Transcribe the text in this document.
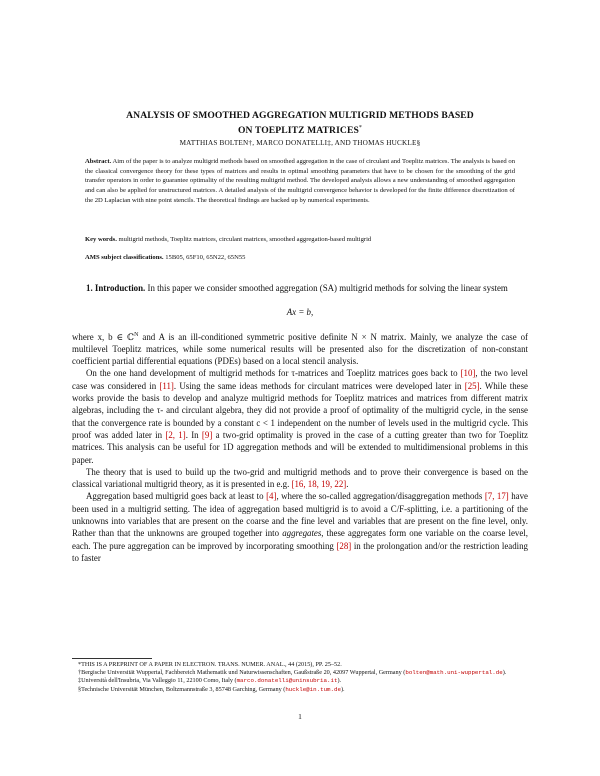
ANALYSIS OF SMOOTHED AGGREGATION MULTIGRID METHODS BASED
ON TOEPLITZ MATRICES*
MATTHIAS BOLTEN†, MARCO DONATELLI‡, AND THOMAS HUCKLE§
Abstract. Aim of the paper is to analyze multigrid methods based on smoothed aggregation in the case of circulant and Toeplitz matrices. The analysis is based on the classical convergence theory for these types of matrices and results in optimal smoothing parameters that have to be chosen for the smoothing of the grid transfer operators in order to guarantee optimality of the resulting multigrid method. The developed analysis allows a new understanding of smoothed aggregation and can also be applied for unstructured matrices. A detailed analysis of the multigrid convergence behavior is developed for the finite difference discretization of the 2D Laplacian with nine point stencils. The theoretical findings are backed up by numerical experiments.
Key words. multigrid methods, Toeplitz matrices, circulant matrices, smoothed aggregation-based multigrid
AMS subject classifications. 15B05, 65F10, 65N22, 65N55

1. Introduction. In this paper we consider smoothed aggregation (SA) multigrid methods for solving the linear system

Ax = b,

where x, b ∈ ℂ$^N$ and A is an ill-conditioned symmetric positive definite N × N matrix. Mainly, we analyze the case of multilevel Toeplitz matrices, while some numerical results will be presented also for the discretization of non-constant coefficient partial differential equations (PDEs) based on a local stencil analysis.

On the one hand development of multigrid methods for τ-matrices and Toeplitz matrices goes back to [10], the two level case was considered in [11]. Using the same ideas methods for circulant matrices were developed later in [25]. While these works provide the basis to develop and analyze multigrid methods for Toeplitz matrices and matrices from different matrix algebras, including the τ- and circulant algebra, they did not provide a proof of optimality of the multigrid cycle, in the sense that the convergence rate is bounded by a constant c < 1 independent on the number of levels used in the multigrid cycle. This proof was added later in [2, 1]. In [9] a two-grid optimality is proved in the case of a cutting greater than two for Toeplitz matrices. This analysis can be useful for 1D aggregation methods and will be extended to multidimensional problems in this paper.

The theory that is used to build up the two-grid and multigrid methods and to prove their convergence is based on the classical variational multigrid theory, as it is presented in e.g. [16, 18, 19, 22].

Aggregation based multigrid goes back at least to [4], where the so-called aggregation/disaggregation methods [7, 17] have been used in a multigrid setting. The idea of aggregation based multigrid is to avoid a C/F-splitting, i.e. a partitioning of the unknowns into variables that are present on the coarse and the fine level and variables that are present on the fine level, only. Rather than that the unknowns are grouped together into aggregates, these aggregates form one variable on the coarse level, each. The pure aggregation can be improved by incorporating smoothing [28] in the prolongation and/or the restriction leading to faster

*THIS IS A PREPRINT OF A PAPER IN ELECTRON. TRANS. NUMER. ANAL., 44 (2015), PP. 25–52.
†Bergische Universität Wuppertal, Fachbereich Mathematik und Naturwissenschaften, Gaußstraße 20, 42097 Wuppertal, Germany (bolten@math.uni-wuppertal.de).
‡Università dell'Insubria, Via Valleggio 11, 22100 Como, Italy (marco.donatelli@uninsubria.it).
§Technische Universität München, Boltzmannstraße 3, 85748 Garching, Germany (huckle@in.tum.de).
1
